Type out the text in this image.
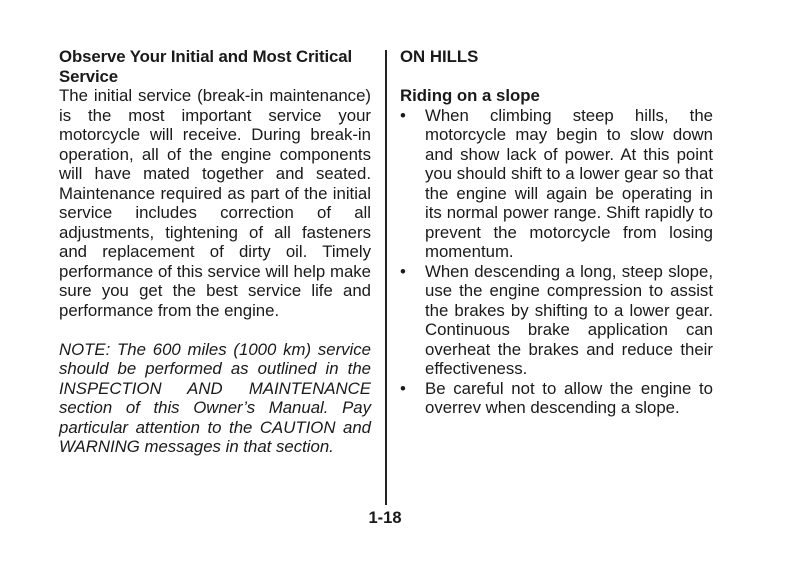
Observe Your Initial and Most Critical Service
The initial service (break-in maintenance) is the most important service your motorcycle will receive. During break-in operation, all of the engine components will have mated together and seated. Maintenance required as part of the initial service includes correction of all adjustments, tightening of all fasteners and replacement of dirty oil. Timely performance of this service will help make sure you get the best service life and performance from the engine.
NOTE: The 600 miles (1000 km) service should be performed as outlined in the INSPECTION AND MAINTENANCE section of this Owner’s Manual. Pay particular attention to the CAUTION and WARNING messages in that section.
ON HILLS
Riding on a slope
• When climbing steep hills, the motorcycle may begin to slow down and show lack of power. At this point you should shift to a lower gear so that the engine will again be operating in its normal power range. Shift rapidly to prevent the motorcycle from losing momentum.
• When descending a long, steep slope, use the engine compression to assist the brakes by shifting to a lower gear. Continuous brake application can overheat the brakes and reduce their effectiveness.
• Be careful not to allow the engine to overrev when descending a slope.
1-18
